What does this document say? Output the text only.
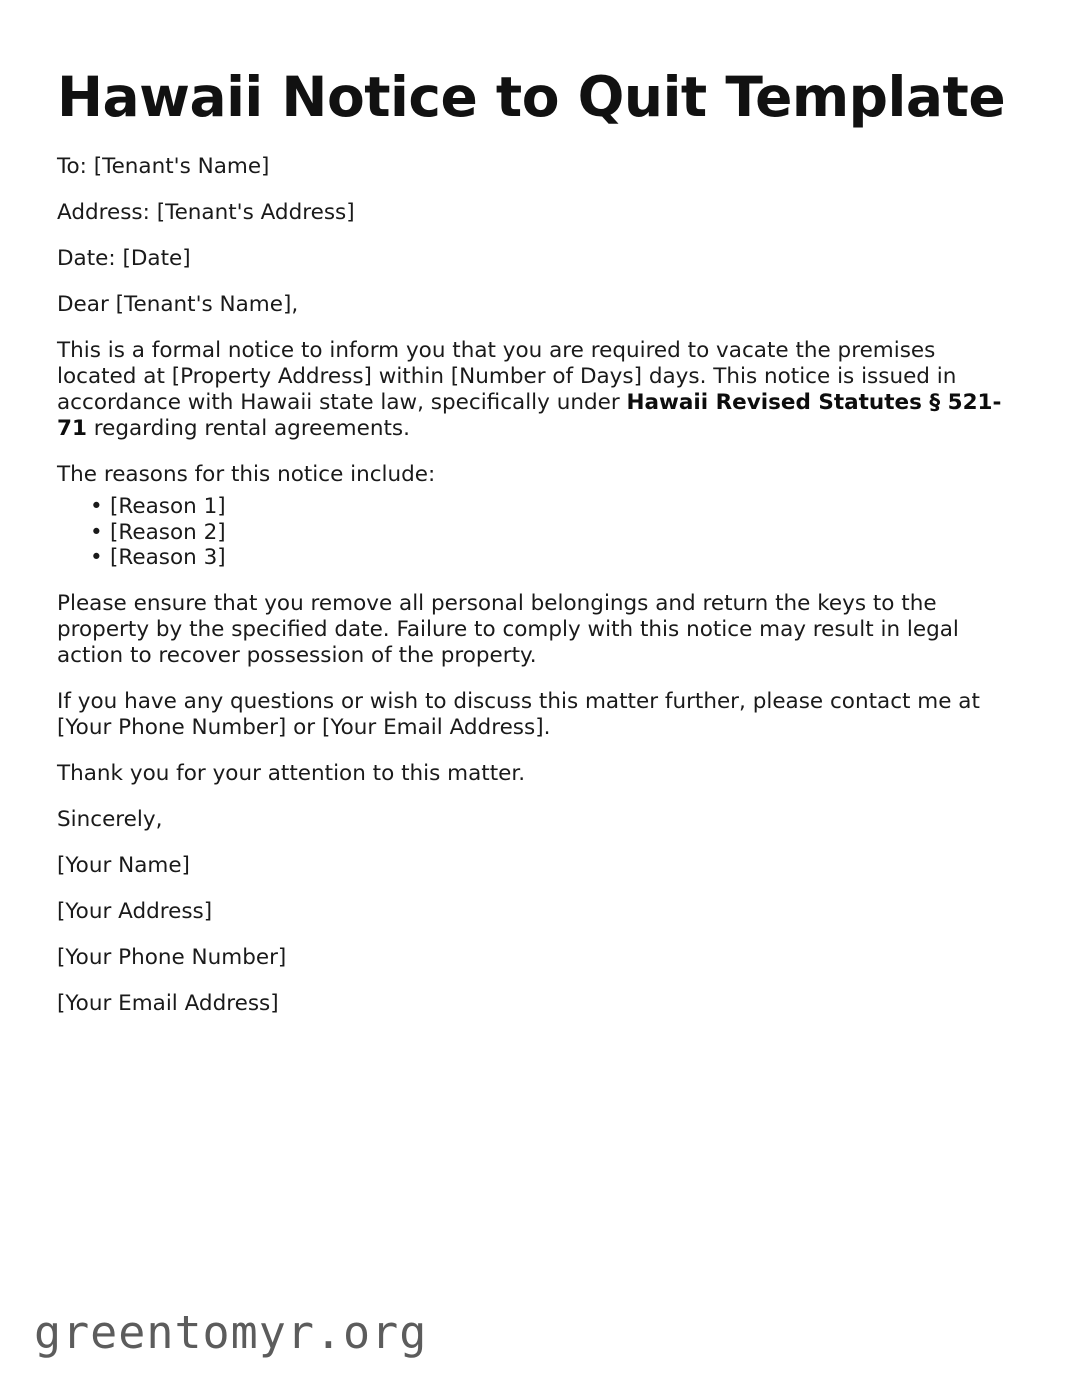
Hawaii Notice to Quit Template

To: [Tenant's Name]

Address: [Tenant's Address]

Date: [Date]

Dear [Tenant's Name],

This is a formal notice to inform you that you are required to vacate the premises located at [Property Address] within [Number of Days] days. This notice is issued in accordance with Hawaii state law, specifically under Hawaii Revised Statutes § 521-71 regarding rental agreements.

The reasons for this notice include:

• [Reason 1]
• [Reason 2]
• [Reason 3]

Please ensure that you remove all personal belongings and return the keys to the property by the specified date. Failure to comply with this notice may result in legal action to recover possession of the property.

If you have any questions or wish to discuss this matter further, please contact me at [Your Phone Number] or [Your Email Address].

Thank you for your attention to this matter.

Sincerely,

[Your Name]

[Your Address]

[Your Phone Number]

[Your Email Address]

greentomyr.org
